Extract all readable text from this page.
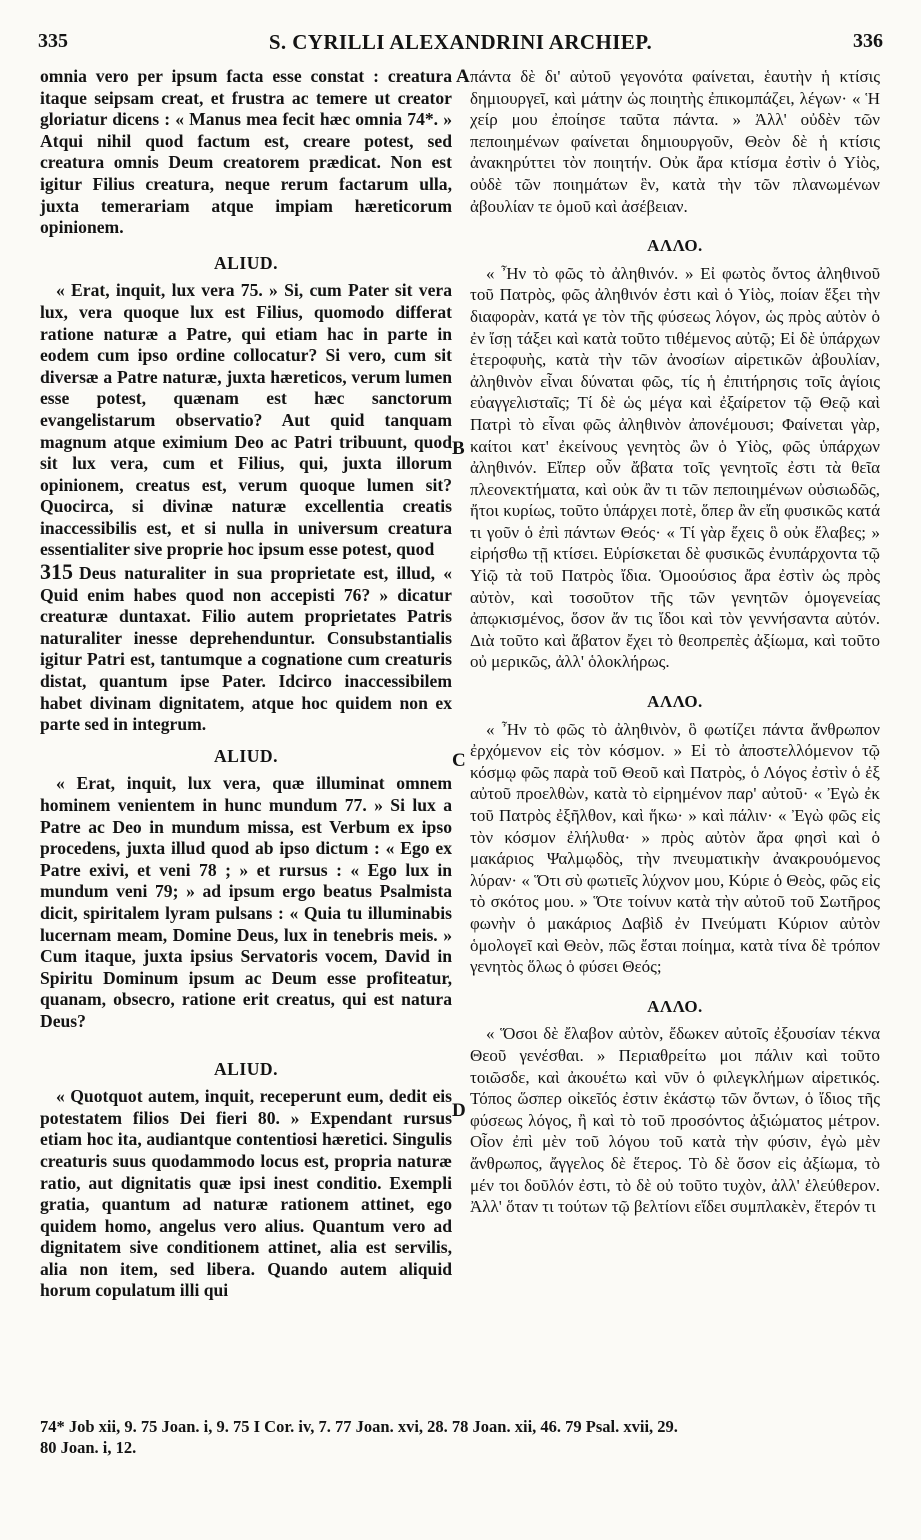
335	S. CYRILLI ALEXANDRINI ARCHIEP.	336

omnia vero per ipsum facta esse constat : creatura itaque seipsam creat, et frustra ac temere ut creator gloriatur dicens : « Manus mea fecit hæc omnia 74*. » Atqui nihil quod factum est, creare potest, sed creatura omnis Deum creatorem prædicat. Non est igitur Filius creatura, neque rerum factarum ulla, juxta temerariam atque impiam hæreticorum opinionem.

ALIUD.

« Erat, inquit, lux vera 75. » Si, cum Pater sit vera lux, vera quoque lux est Filius, quomodo differat ratione naturæ a Patre, qui etiam hac in parte in eodem cum ipso ordine collocatur? Si vero, cum sit diversæ a Patre naturæ, juxta hæreticos, verum lumen esse potest, quænam est hæc sanctorum evangelistarum observatio? Aut quid tanquam magnum atque eximium Deo ac Patri tribuunt, quod sit lux vera, cum et Filius, qui, juxta illorum opinionem, creatus est, verum quoque lumen sit? Quocirca, si divinæ naturæ excellentia creatis inaccessibilis est, et si nulla in universum creatura essentialiter sive proprie hoc ipsum esse potest, quod
315 Deus naturaliter in sua proprietate est, illud, « Quid enim habes quod non accepisti 76? » dicatur creaturæ duntaxat. Filio autem proprietates Patris naturaliter inesse deprehenduntur. Consubstantialis igitur Patri est, tantumque a cognatione cum creaturis distat, quantum ipse Pater. Idcirco inaccessibilem habet divinam dignitatem, atque hoc quidem non ex parte sed in integrum.

ALIUD.

« Erat, inquit, lux vera, quæ illuminat omnem hominem venientem in hunc mundum 77. » Si lux a Patre ac Deo in mundum missa, est Verbum ex ipso procedens, juxta illud quod ab ipso dictum : « Ego ex Patre exivi, et veni 78 ; » et rursus : « Ego lux in mundum veni 79; » ad ipsum ergo beatus Psalmista dicit, spiritalem lyram pulsans : « Quia tu illuminabis lucernam meam, Domine Deus, lux in tenebris meis. » Cum itaque, juxta ipsius Servatoris vocem, David in Spiritu Dominum ipsum ac Deum esse profiteatur, quanam, obsecro, ratione erit creatus, qui est natura Deus?

ALIUD.

« Quotquot autem, inquit, receperunt eum, dedit eis potestatem filios Dei fieri 80. » Expendant rursus etiam hoc ita, audiantque contentiosi hæretici. Singulis creaturis suus quodammodo locus est, propria naturæ ratio, aut dignitatis quæ ipsi inest conditio. Exempli gratia, quantum ad naturæ rationem attinet, ego quidem homo, angelus vero alius. Quantum vero ad dignitatem sive conditionem attinet, alia est servilis, alia non item, sed libera. Quando autem aliquid horum copulatum illi qui

πάντα δὲ δι' αὐτοῦ γεγονότα φαίνεται, ἑαυτὴν ἡ κτίσις δημιουργεῖ, καὶ μάτην ὡς ποιητὴς ἐπικομπάζει, λέγων· « Ἡ χείρ μου ἐποίησε ταῦτα πάντα. » Ἀλλ' οὐδὲν τῶν πεποιημένων φαίνεται δημιουργοῦν, Θεὸν δὲ ἡ κτίσις ἀνακηρύττει τὸν ποιητήν. Οὐκ ἄρα κτίσμα ἐστὶν ὁ Υἱὸς, οὐδὲ τῶν ποιημάτων ἓν, κατὰ τὴν τῶν πλανωμένων ἀβουλίαν τε ὁμοῦ καὶ ἀσέβειαν.

ΑΛΛΟ.

« Ἦν τὸ φῶς τὸ ἀληθινόν. » Εἰ φωτὸς ὄντος ἀληθινοῦ τοῦ Πατρὸς, φῶς ἀληθινόν ἐστι καὶ ὁ Υἱὸς, ποίαν ἕξει τὴν διαφορὰν, κατά γε τὸν τῆς φύσεως λόγον, ὡς πρὸς αὐτὸν ὁ ἐν ἴσῃ τάξει καὶ κατὰ τοῦτο τιθέμενος αὐτῷ; Εἰ δὲ ὑπάρχων ἑτεροφυὴς, κατὰ τὴν τῶν ἀνοσίων αἱρετικῶν ἀβουλίαν, ἀληθινὸν εἶναι δύναται φῶς, τίς ἡ ἐπιτήρησις τοῖς ἁγίοις εὐαγγελισταῖς; Τί δὲ ὡς μέγα καὶ ἐξαίρετον τῷ Θεῷ καὶ Πατρὶ τὸ εἶναι φῶς ἀληθινὸν ἀπονέμουσι; Φαίνεται γὰρ, καίτοι κατ' ἐκείνους γενητὸς ὢν ὁ Υἱὸς, φῶς ὑπάρχων ἀληθινόν. Εἴπερ οὖν ἄβατα τοῖς γενητοῖς ἐστι τὰ θεῖα πλεονεκτήματα, καὶ οὐκ ἂν τι τῶν πεποιημένων οὐσιωδῶς, ἤτοι κυρίως, τοῦτο ὑπάρχει ποτὲ, ὅπερ ἂν εἴη φυσικῶς κατά τι γοῦν ὁ ἐπὶ πάντων Θεός· « Τί γὰρ ἔχεις ὃ οὐκ ἔλαβες; » εἰρήσθω τῇ κτίσει. Εὑρίσκεται δὲ φυσικῶς ἐνυπάρχοντα τῷ Υἱῷ τὰ τοῦ Πατρὸς ἴδια. Ὁμοούσιος ἄρα ἐστὶν ὡς πρὸς αὐτὸν, καὶ τοσοῦτον τῆς τῶν γενητῶν ὁμογενείας ἀπῳκισμένος, ὅσον ἄν τις ἴδοι καὶ τὸν γεννήσαντα αὐτόν. Διὰ τοῦτο καὶ ἄβατον ἔχει τὸ θεοπρεπὲς ἀξίωμα, καὶ τοῦτο οὐ μερικῶς, ἀλλ' ὁλοκλήρως.

ΑΛΛΟ.

« Ἦν τὸ φῶς τὸ ἀληθινὸν, ὃ φωτίζει πάντα ἄνθρωπον ἐρχόμενον εἰς τὸν κόσμον. » Εἰ τὸ ἀποστελλόμενον τῷ κόσμῳ φῶς παρὰ τοῦ Θεοῦ καὶ Πατρὸς, ὁ Λόγος ἐστὶν ὁ ἐξ αὐτοῦ προελθὼν, κατὰ τὸ εἰρημένον παρ' αὐτοῦ· « Ἐγὼ ἐκ τοῦ Πατρὸς ἐξῆλθον, καὶ ἥκω· » καὶ πάλιν· « Ἐγὼ φῶς εἰς τὸν κόσμον ἐλήλυθα· » πρὸς αὐτὸν ἄρα φησὶ καὶ ὁ μακάριος Ψαλμῳδὸς, τὴν πνευματικὴν ἀνακρουόμενος λύραν· « Ὅτι σὺ φωτιεῖς λύχνον μου, Κύριε ὁ Θεὸς, φῶς εἰς τὸ σκότος μου. » Ὅτε τοίνυν κατὰ τὴν αὐτοῦ τοῦ Σωτῆρος φωνὴν ὁ μακάριος Δαβὶδ ἐν Πνεύματι Κύριον αὐτὸν ὁμολογεῖ καὶ Θεὸν, πῶς ἔσται ποίημα, κατὰ τίνα δὲ τρόπον γενητὸς ὅλως ὁ φύσει Θεός;

ΑΛΛΟ.

« Ὅσοι δὲ ἔλαβον αὐτὸν, ἔδωκεν αὐτοῖς ἐξουσίαν τέκνα Θεοῦ γενέσθαι. » Περιαθρείτω μοι πάλιν καὶ τοῦτο τοιῶσδε, καὶ ἀκουέτω καὶ νῦν ὁ φιλεγκλήμων αἱρετικός. Τόπος ὥσπερ οἰκεῖός ἐστιν ἑκάστῳ τῶν ὄντων, ὁ ἴδιος τῆς φύσεως λόγος, ἢ καὶ τὸ τοῦ προσόντος ἀξιώματος μέτρον. Οἷον ἐπὶ μὲν τοῦ λόγου τοῦ κατὰ τὴν φύσιν, ἐγὼ μὲν ἄνθρωπος, ἄγγελος δὲ ἕτερος. Τὸ δὲ ὅσον εἰς ἀξίωμα, τὸ μέν τοι δοῦλόν ἐστι, τὸ δὲ οὐ τοῦτο τυχὸν, ἀλλ' ἐλεύθερον. Ἀλλ' ὅταν τι τούτων τῷ βελτίονι εἴδει συμπλακὲν, ἕτερόν τι

A
B
C
D
74* Job xii, 9. 75 Joan. i, 9. 75 I Cor. iv, 7. 77 Joan. xvi, 28. 78 Joan. xii, 46. 79 Psal. xvii, 29.
80 Joan. i, 12.
